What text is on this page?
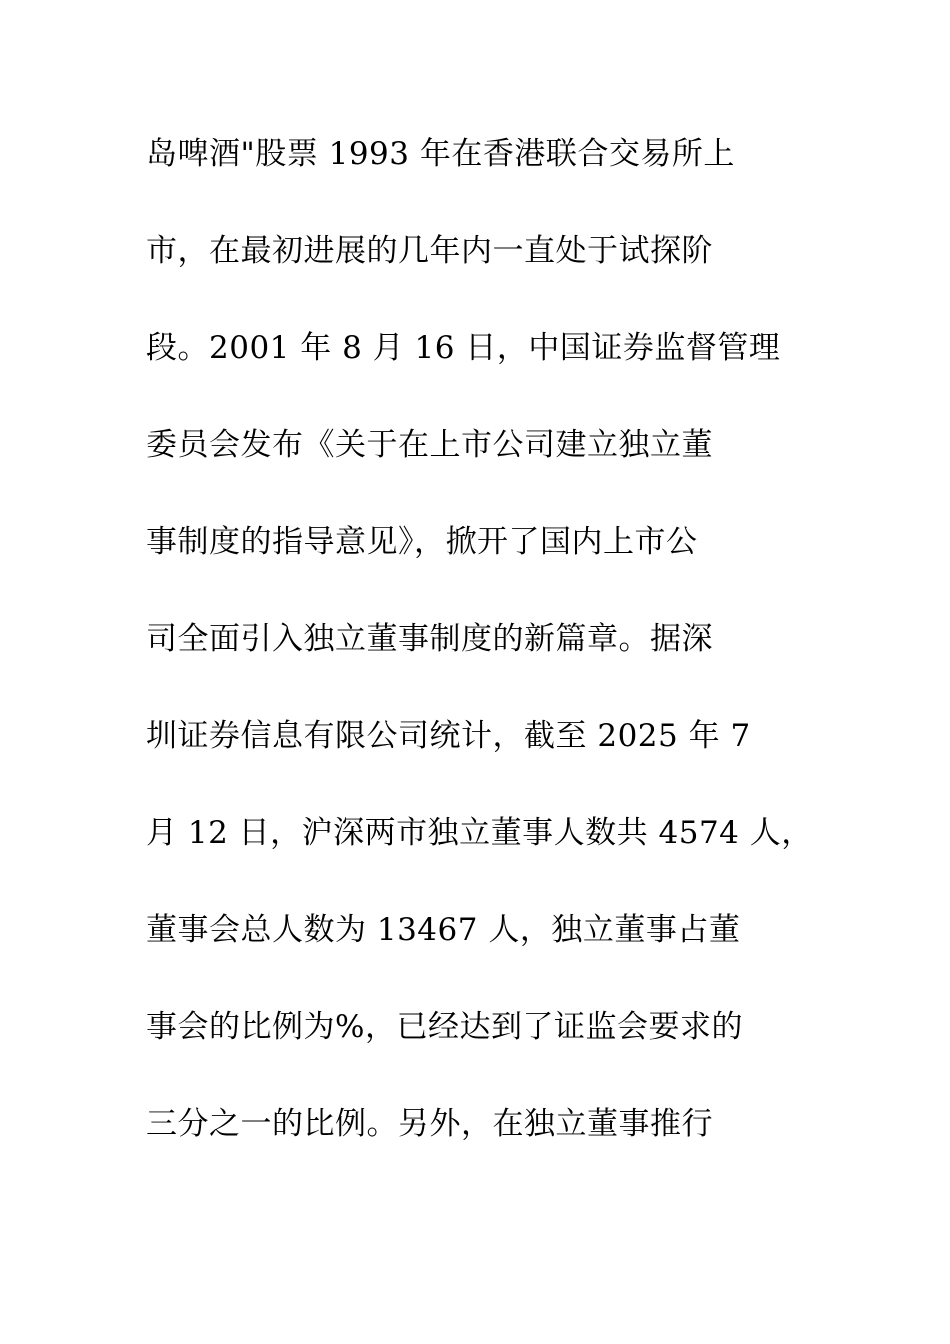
岛啤酒"股票 1993 年在香港联合交易所上
市，在最初进展的几年内一直处于试探阶
段。2001 年 8 月 16 日，中国证券监督管理
委员会发布《关于在上市公司建立独立董
事制度的指导意见》，掀开了国内上市公
司全面引入独立董事制度的新篇章。据深
圳证券信息有限公司统计，截至 2025 年 7
月 12 日，沪深两市独立董事人数共 4574 人，
董事会总人数为 13467 人，独立董事占董
事会的比例为%，已经达到了证监会要求的
三分之一的比例。另外，在独立董事推行
